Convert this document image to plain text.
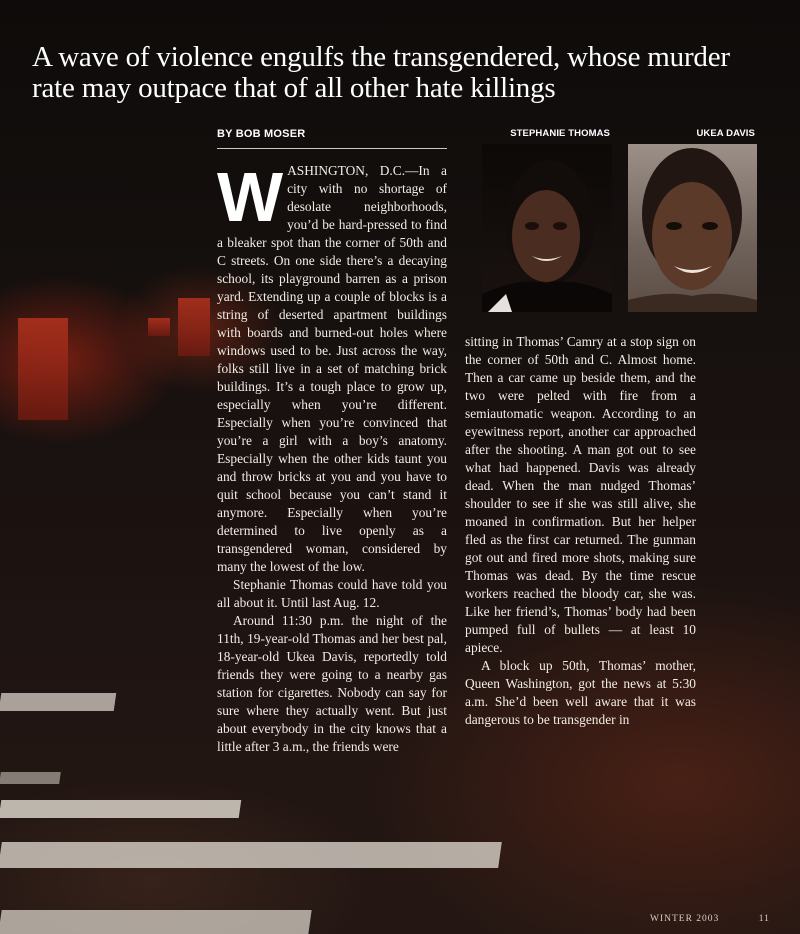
A wave of violence engulfs the transgendered, whose murder rate may outpace that of all other hate killings
BY BOB MOSER

WASHINGTON, D.C.—In a city with no shortage of desolate neighborhoods, you’d be hard-pressed to find a bleaker spot than the corner of 50th and C streets. On one side there’s a decaying school, its playground barren as a prison yard. Extending up a couple of blocks is a string of deserted apartment buildings with boards and burned-out holes where windows used to be. Just across the way, folks still live in a set of matching brick buildings. It’s a tough place to grow up, especially when you’re different. Especially when you’re convinced that you’re a girl with a boy’s anatomy. Especially when the other kids taunt you and throw bricks at you and you have to quit school because you can’t stand it anymore. Especially when you’re determined to live openly as a transgendered woman, considered by many the lowest of the low.

Stephanie Thomas could have told you all about it. Until last Aug. 12.

Around 11:30 p.m. the night of the 11th, 19-year-old Thomas and her best pal, 18-year-old Ukea Davis, reportedly told friends they were going to a nearby gas station for cigarettes. Nobody can say for sure where they actually went. But just about everybody in the city knows that a little after 3 a.m., the friends were

STEPHANIE THOMAS	UKEA DAVIS

sitting in Thomas’ Camry at a stop sign on the corner of 50th and C. Almost home. Then a car came up beside them, and the two were pelted with fire from a semiautomatic weapon. According to an eyewitness report, another car approached after the shooting. A man got out to see what had happened. Davis was already dead. When the man nudged Thomas’ shoulder to see if she was still alive, she moaned in confirmation. But her helper fled as the first car returned. The gunman got out and fired more shots, making sure Thomas was dead. By the time rescue workers reached the bloody car, she was. Like her friend’s, Thomas’ body had been pumped full of bullets — at least 10 apiece.

A block up 50th, Thomas’ mother, Queen Washington, got the news at 5:30 a.m. She’d been well aware that it was dangerous to be transgender in

WINTER 2003	11
